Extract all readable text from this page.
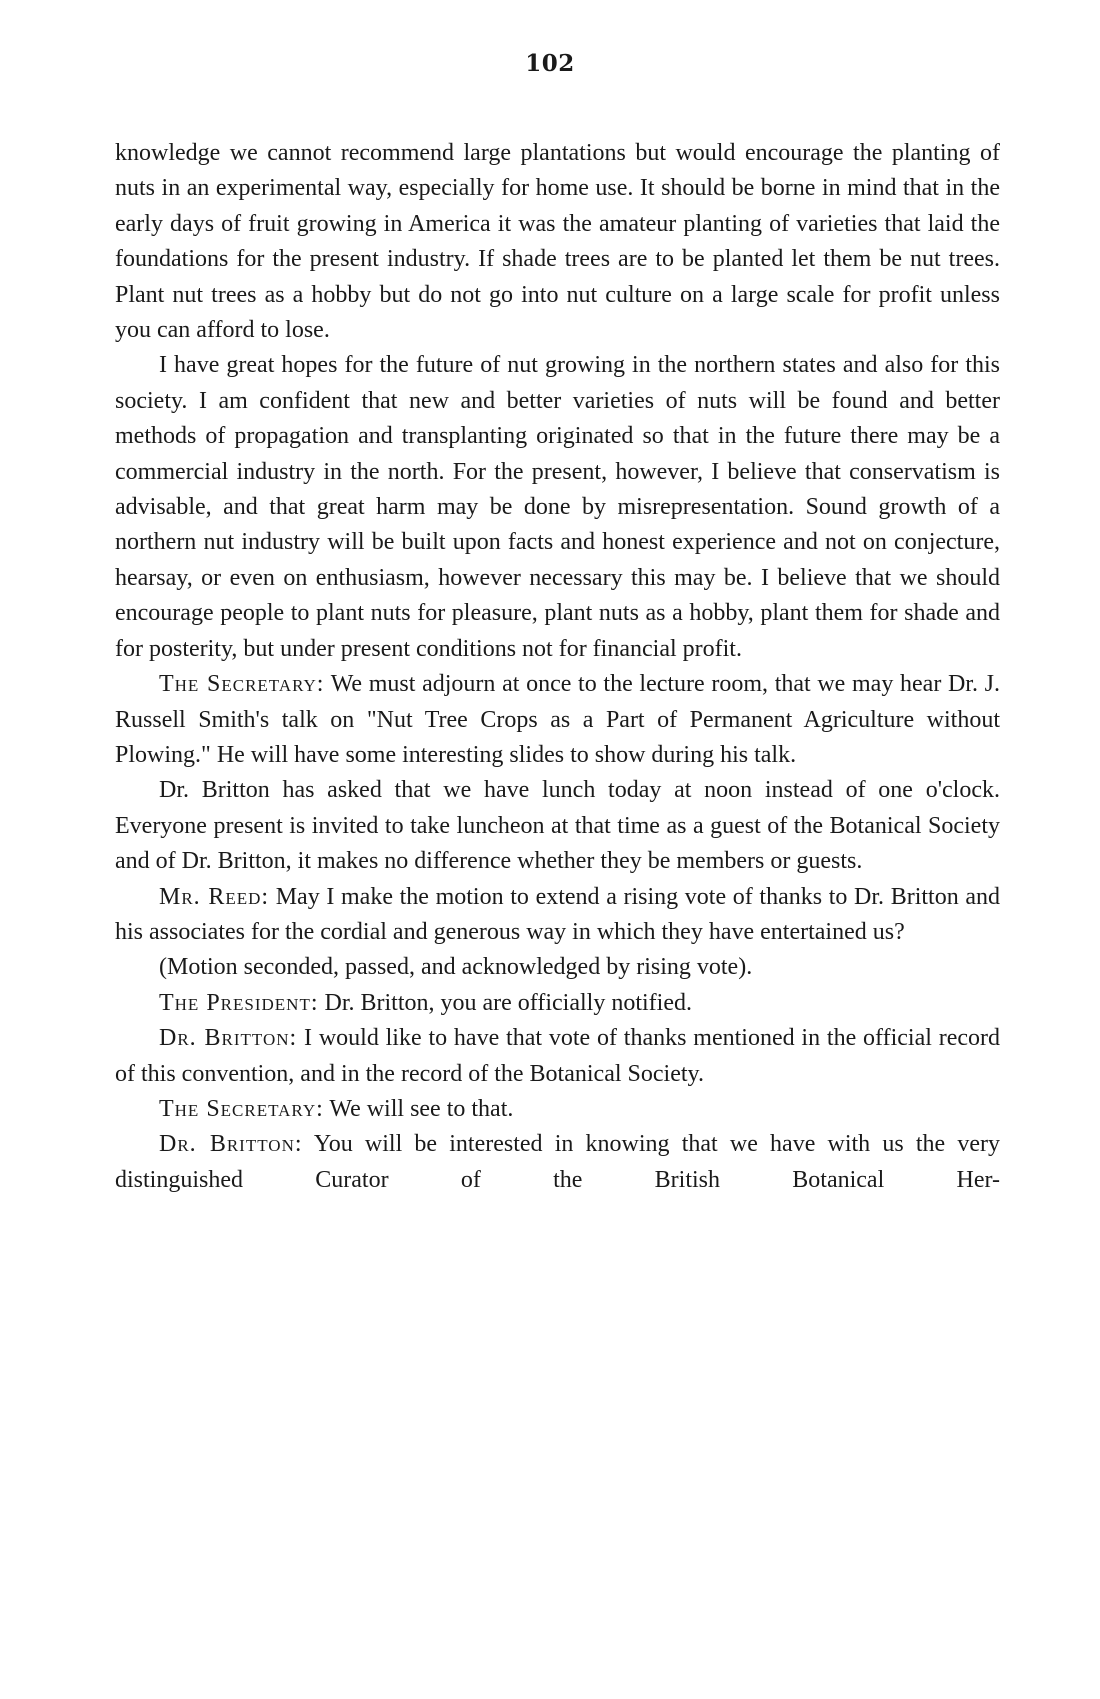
102

knowledge we cannot recommend large plantations but would encourage the planting of nuts in an experimental way, especially for home use. It should be borne in mind that in the early days of fruit growing in America it was the amateur planting of varieties that laid the foundations for the present industry. If shade trees are to be planted let them be nut trees. Plant nut trees as a hobby but do not go into nut culture on a large scale for profit unless you can afford to lose.

I have great hopes for the future of nut growing in the northern states and also for this society. I am confident that new and better varieties of nuts will be found and better methods of propagation and transplanting originated so that in the future there may be a commercial industry in the north. For the present, however, I believe that conservatism is advisable, and that great harm may be done by misrepresentation. Sound growth of a northern nut industry will be built upon facts and honest experience and not on conjecture, hearsay, or even on enthusiasm, however necessary this may be. I believe that we should encourage people to plant nuts for pleasure, plant nuts as a hobby, plant them for shade and for posterity, but under present conditions not for financial profit.

The Secretary: We must adjourn at once to the lecture room, that we may hear Dr. J. Russell Smith's talk on "Nut Tree Crops as a Part of Permanent Agriculture without Plowing." He will have some interesting slides to show during his talk.

Dr. Britton has asked that we have lunch today at noon instead of one o'clock. Everyone present is invited to take luncheon at that time as a guest of the Botanical Society and of Dr. Britton, it makes no difference whether they be members or guests.

Mr. Reed: May I make the motion to extend a rising vote of thanks to Dr. Britton and his associates for the cordial and generous way in which they have entertained us?

(Motion seconded, passed, and acknowledged by rising vote).

The President: Dr. Britton, you are officially notified.

Dr. Britton: I would like to have that vote of thanks mentioned in the official record of this convention, and in the record of the Botanical Society.

The Secretary: We will see to that.

Dr. Britton: You will be interested in knowing that we have with us the very distinguished Curator of the British Botanical Her-
